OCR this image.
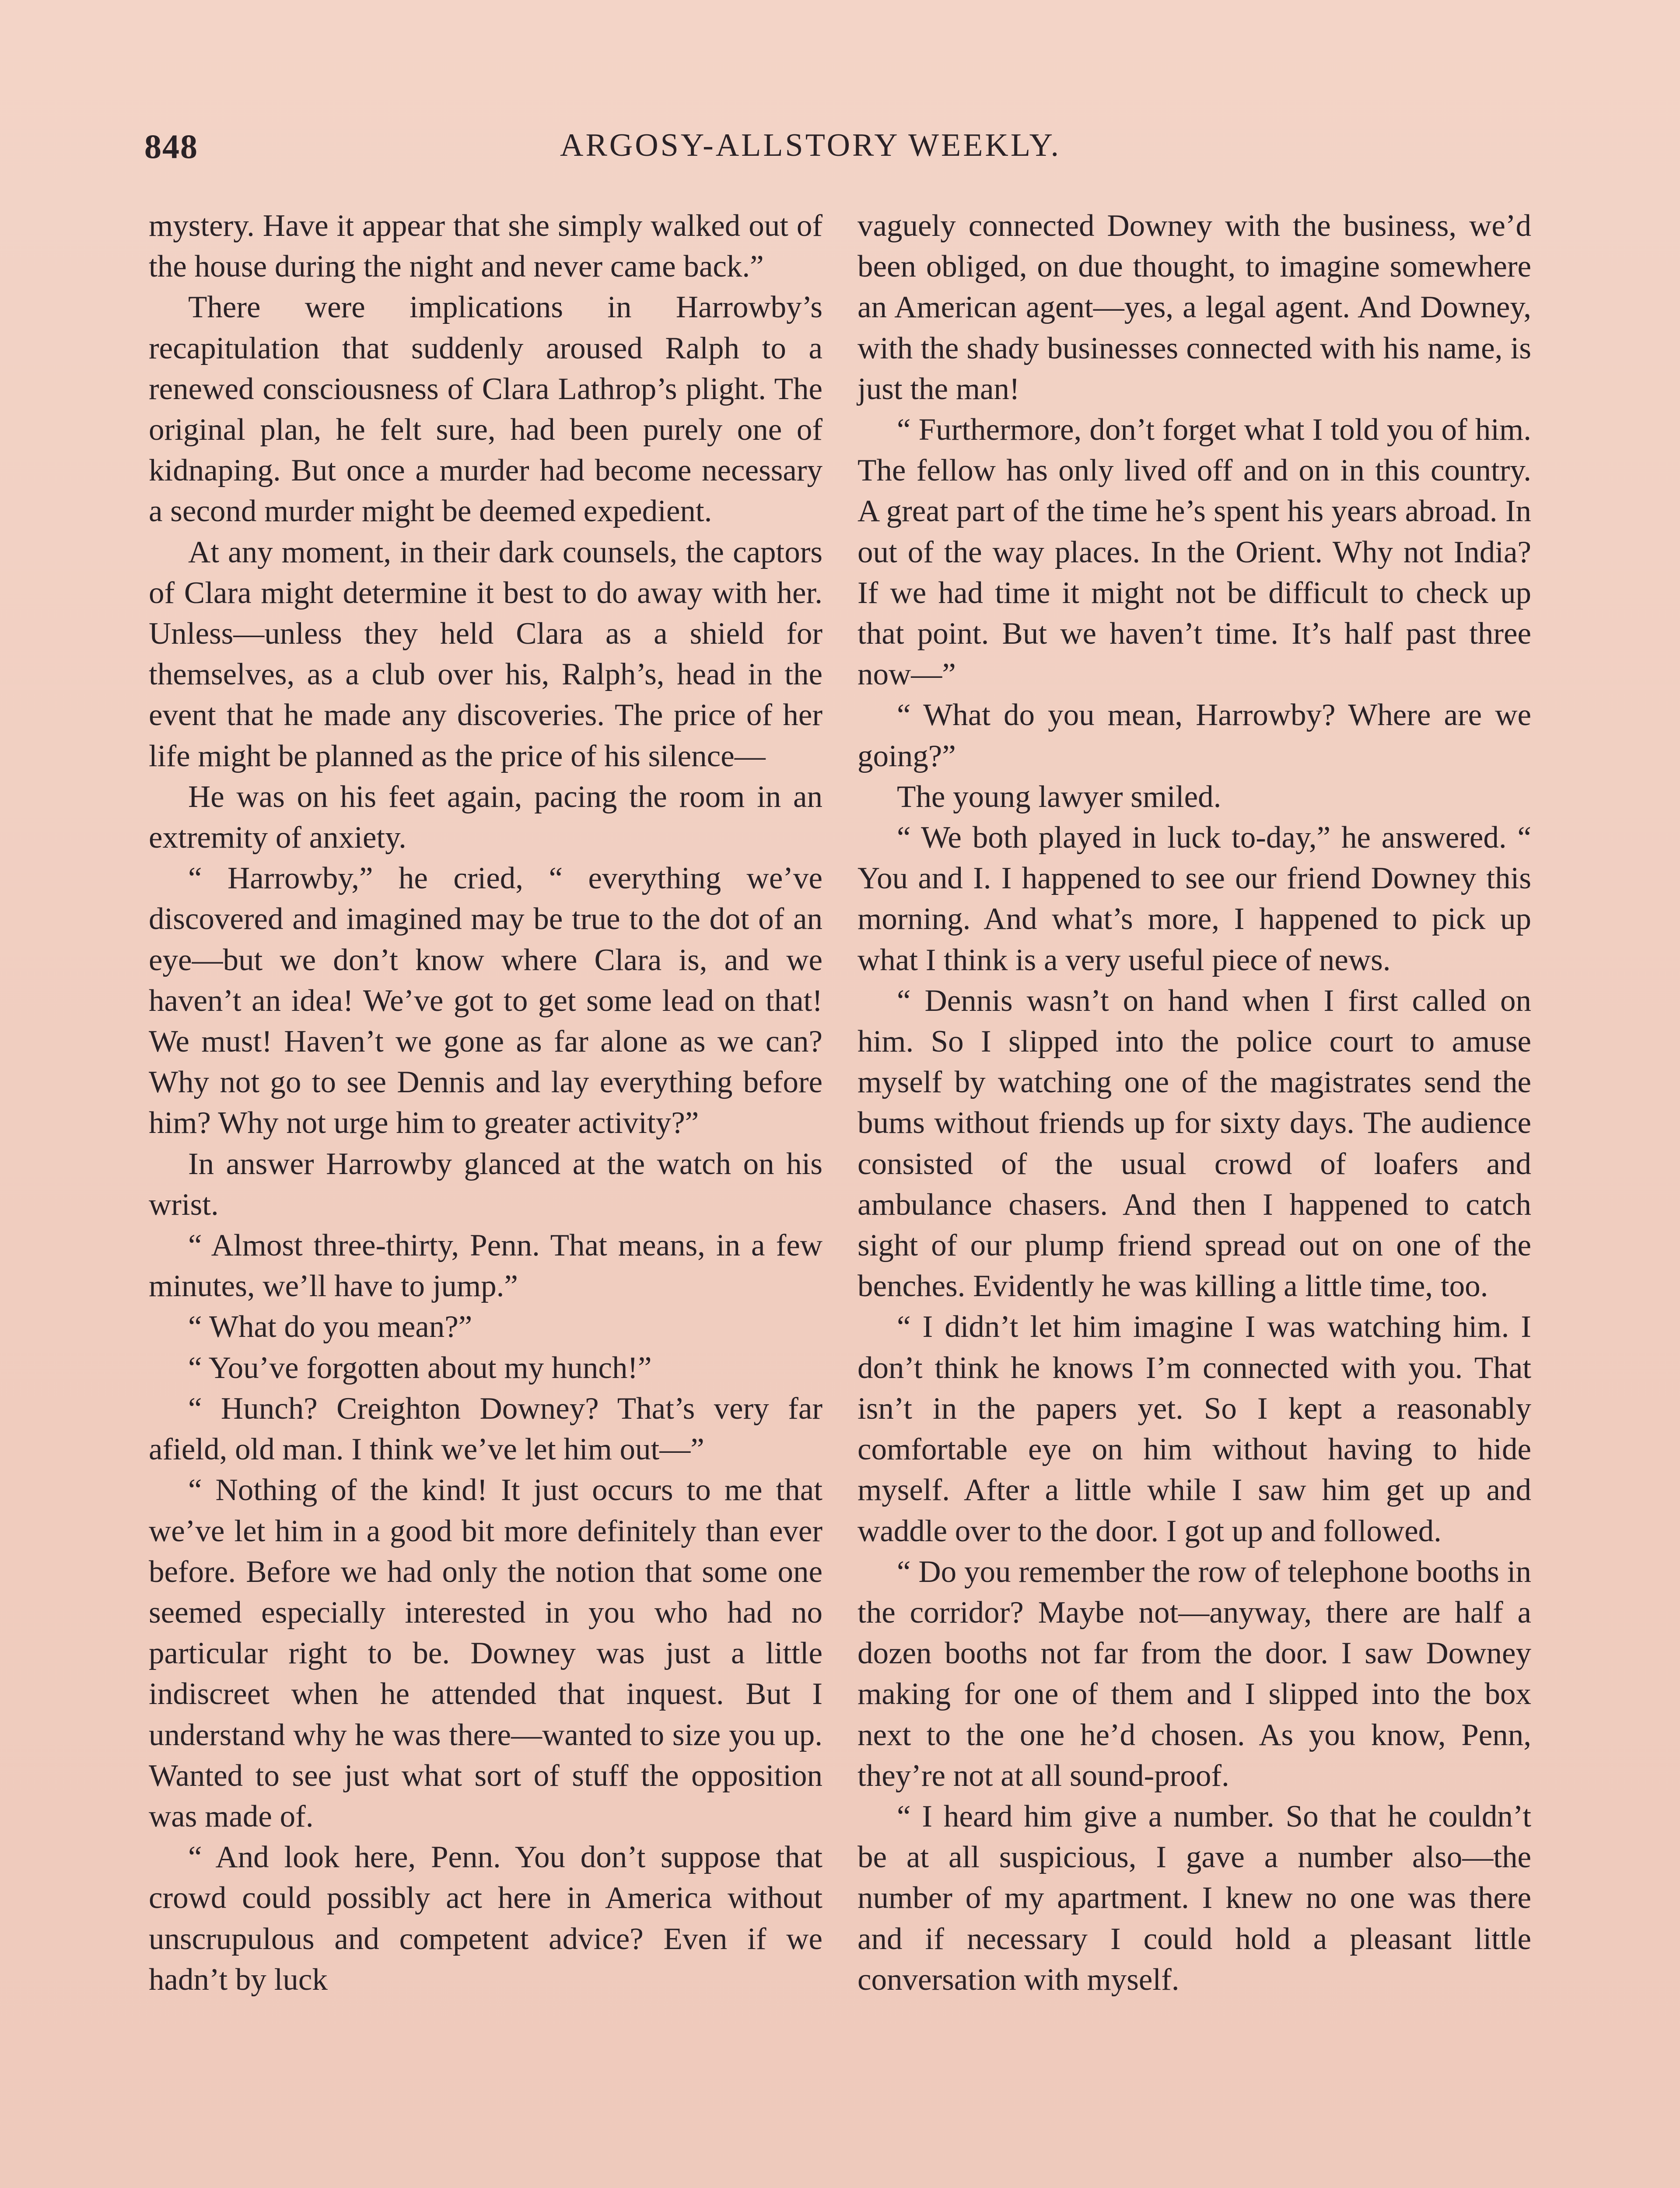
848	ARGOSY-ALLSTORY WEEKLY.

mystery. Have it appear that she simply walked out of the house during the night and never came back.”

There were implications in Harrowby’s recapitulation that suddenly aroused Ralph to a renewed consciousness of Clara Lathrop’s plight. The original plan, he felt sure, had been purely one of kidnaping. But once a murder had become necessary a second murder might be deemed expedient.

At any moment, in their dark counsels, the captors of Clara might determine it best to do away with her. Unless—unless they held Clara as a shield for themselves, as a club over his, Ralph’s, head in the event that he made any discoveries. The price of her life might be planned as the price of his silence—

He was on his feet again, pacing the room in an extremity of anxiety.

“ Harrowby,” he cried, “ everything we’ve discovered and imagined may be true to the dot of an eye—but we don’t know where Clara is, and we haven’t an idea! We’ve got to get some lead on that! We must! Haven’t we gone as far alone as we can? Why not go to see Dennis and lay everything before him? Why not urge him to greater activity?”

In answer Harrowby glanced at the watch on his wrist.

“ Almost three-thirty, Penn. That means, in a few minutes, we’ll have to jump.”

“ What do you mean?”

“ You’ve forgotten about my hunch!”

“ Hunch? Creighton Downey? That’s very far afield, old man. I think we’ve let him out—”

“ Nothing of the kind! It just occurs to me that we’ve let him in a good bit more definitely than ever before. Before we had only the notion that some one seemed especially interested in you who had no particular right to be. Downey was just a little indiscreet when he attended that inquest. But I understand why he was there—wanted to size you up. Wanted to see just what sort of stuff the opposition was made of.

“ And look here, Penn. You don’t suppose that crowd could possibly act here in America without unscrupulous and competent advice? Even if we hadn’t by luck

vaguely connected Downey with the business, we’d been obliged, on due thought, to imagine somewhere an American agent—yes, a legal agent. And Downey, with the shady businesses connected with his name, is just the man!

“ Furthermore, don’t forget what I told you of him. The fellow has only lived off and on in this country. A great part of the time he’s spent his years abroad. In out of the way places. In the Orient. Why not India? If we had time it might not be difficult to check up that point. But we haven’t time. It’s half past three now—”

“ What do you mean, Harrowby? Where are we going?”

The young lawyer smiled.

“ We both played in luck to-day,” he answered. “ You and I. I happened to see our friend Downey this morning. And what’s more, I happened to pick up what I think is a very useful piece of news.

“ Dennis wasn’t on hand when I first called on him. So I slipped into the police court to amuse myself by watching one of the magistrates send the bums without friends up for sixty days. The audience consisted of the usual crowd of loafers and ambulance chasers. And then I happened to catch sight of our plump friend spread out on one of the benches. Evidently he was killing a little time, too.

“ I didn’t let him imagine I was watching him. I don’t think he knows I’m connected with you. That isn’t in the papers yet. So I kept a reasonably comfortable eye on him without having to hide myself. After a little while I saw him get up and waddle over to the door. I got up and followed.

“ Do you remember the row of telephone booths in the corridor? Maybe not—anyway, there are half a dozen booths not far from the door. I saw Downey making for one of them and I slipped into the box next to the one he’d chosen. As you know, Penn, they’re not at all sound-proof.

“ I heard him give a number. So that he couldn’t be at all suspicious, I gave a number also—the number of my apartment. I knew no one was there and if necessary I could hold a pleasant little conversation with myself.
